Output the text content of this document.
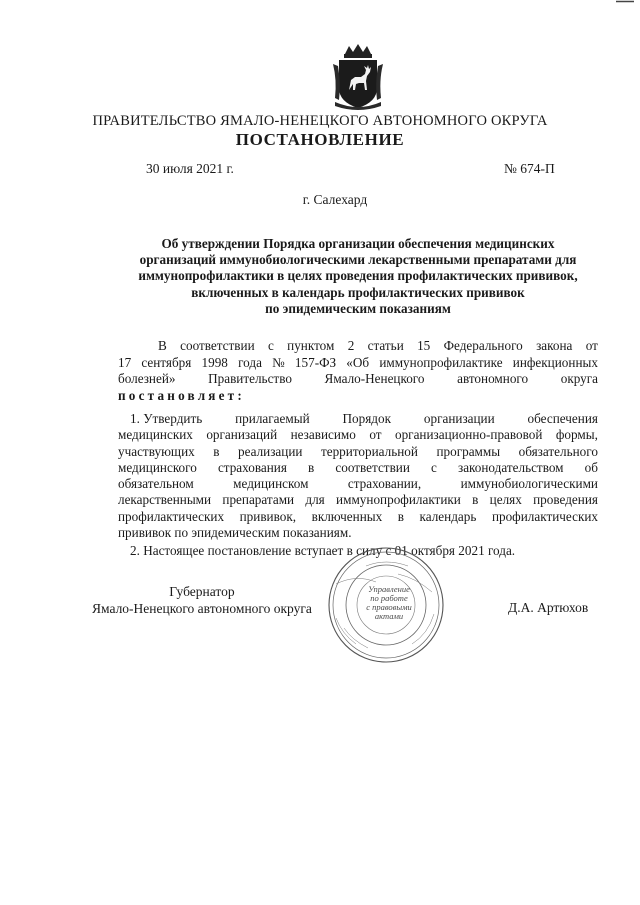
ПРАВИТЕЛЬСТВО ЯМАЛО-НЕНЕЦКОГО АВТОНОМНОГО ОКРУГА
ПОСТАНОВЛЕНИЕ
30 июля 2021 г.	№ 674-П
г. Салехард
Об утверждении Порядка организации обеспечения медицинских
организаций иммунобиологическими лекарственными препаратами для
иммунопрофилактики в целях проведения профилактических прививок,
включенных в календарь профилактических прививок
по эпидемическим показаниям
В соответствии с пунктом 2 статьи 15 Федерального закона от
17 сентября 1998 года № 157-ФЗ «Об иммунопрофилактике инфекционных
болезней» Правительство Ямало-Ненецкого автономного округа
постановляет:
1. Утвердить прилагаемый Порядок организации обеспечения
медицинских организаций независимо от организационно-правовой формы,
участвующих в реализации территориальной программы обязательного
медицинского страхования в соответствии с законодательством об
обязательном	медицинском	страховании,	иммунобиологическими
лекарственными препаратами для иммунопрофилактики в целях проведения
профилактических прививок, включенных в календарь профилактических
прививок по эпидемическим показаниям.
2. Настоящее постановление вступает в силу с 01 октября 2021 года.
Управление
по работе
с правовыми
актами
Губернатор
Ямало-Ненецкого автономного округа	Д.А. Артюхов
